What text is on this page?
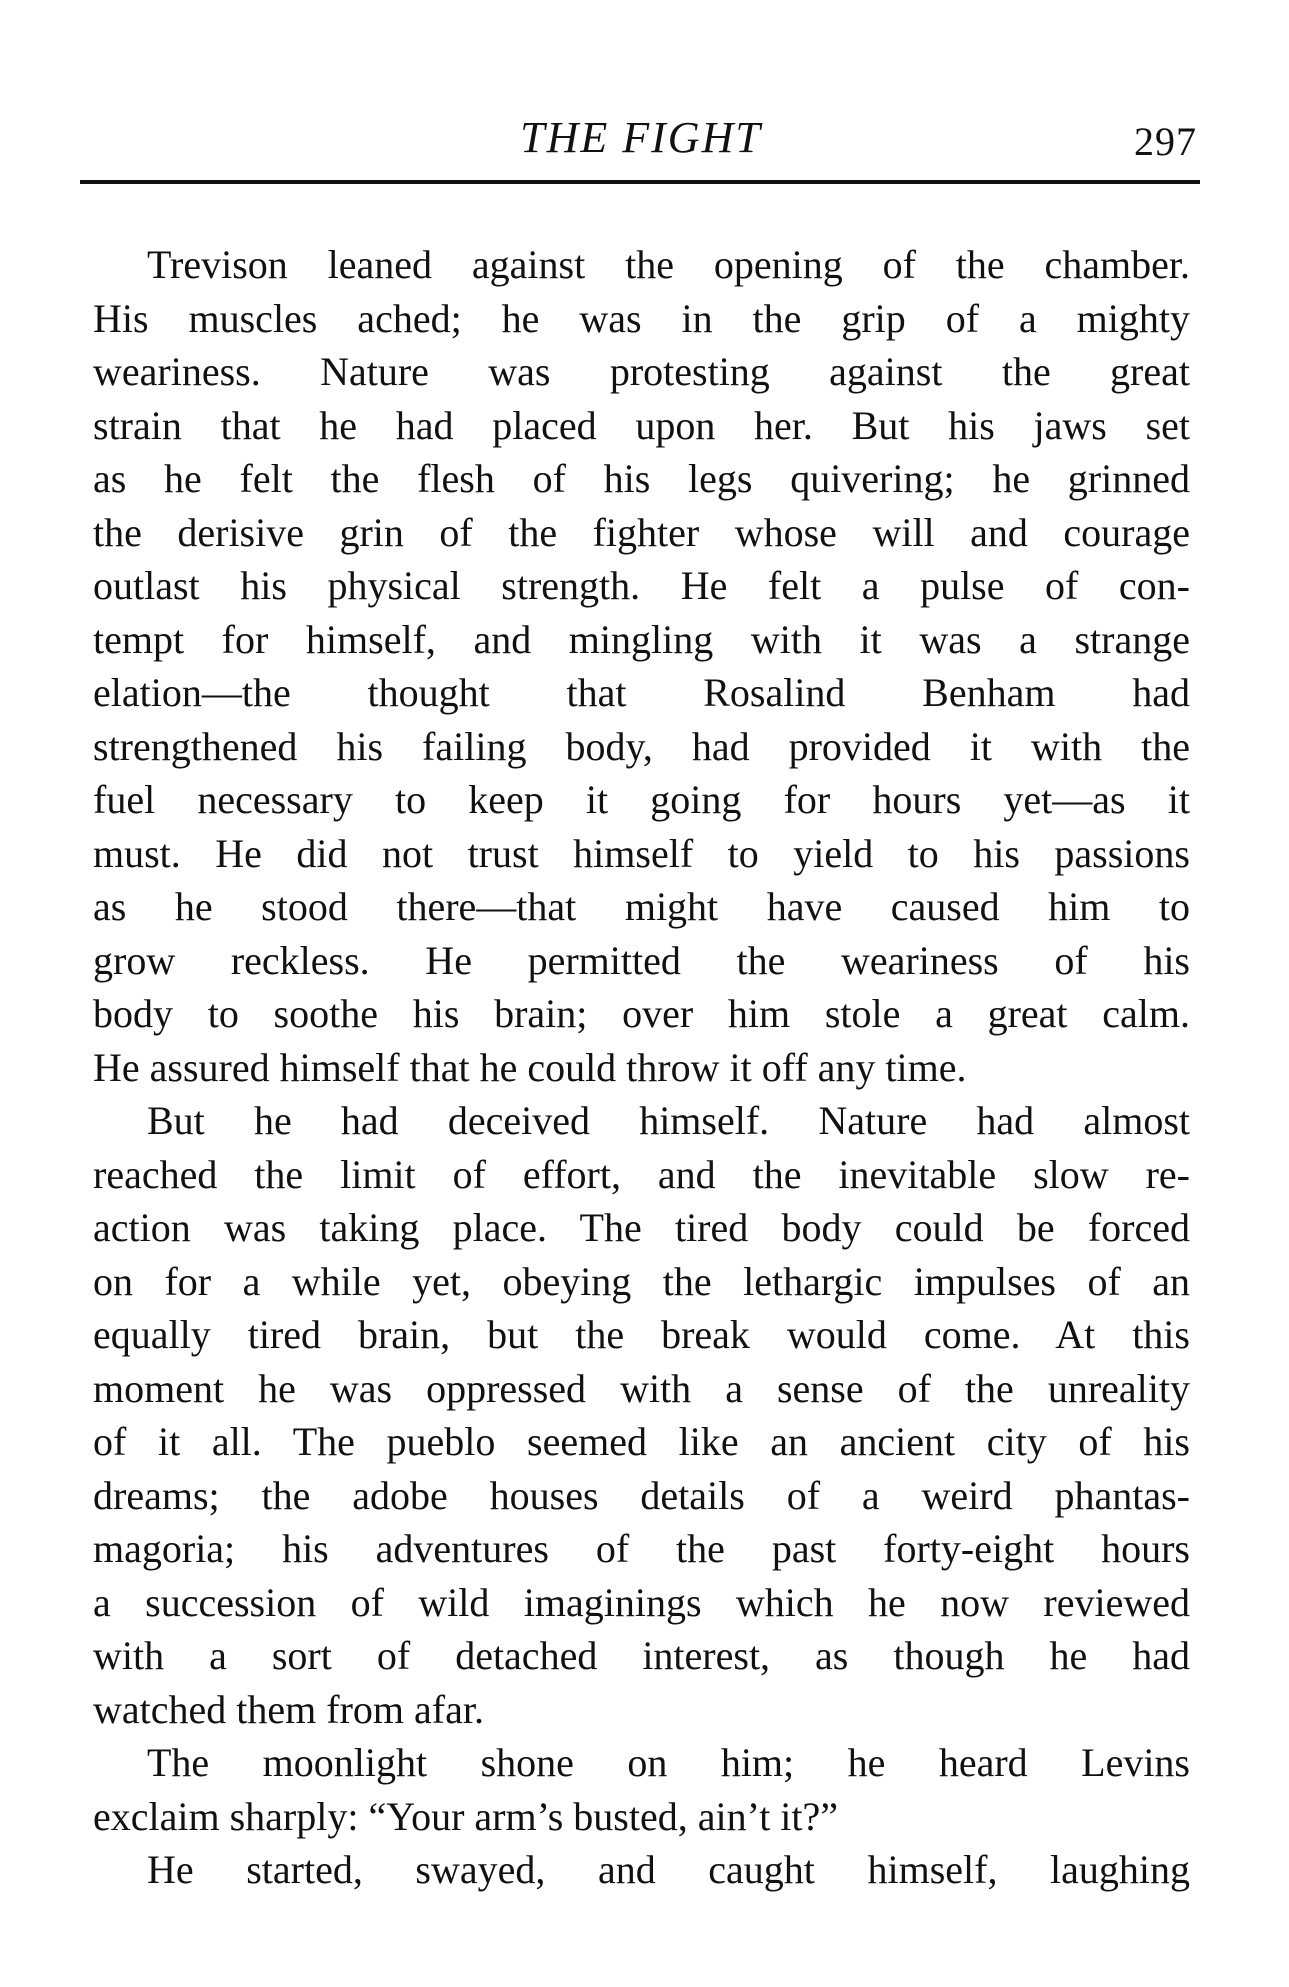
THE FIGHT	297
Trevison leaned against the opening of the chamber.
His muscles ached; he was in the grip of a mighty
weariness. Nature was protesting against the great
strain that he had placed upon her. But his jaws set
as he felt the flesh of his legs quivering; he grinned
the derisive grin of the fighter whose will and courage
outlast his physical strength. He felt a pulse of con-
tempt for himself, and mingling with it was a strange
elation—the thought that Rosalind Benham had
strengthened his failing body, had provided it with the
fuel necessary to keep it going for hours yet—as it
must. He did not trust himself to yield to his passions
as he stood there—that might have caused him to
grow reckless. He permitted the weariness of his
body to soothe his brain; over him stole a great calm.
He assured himself that he could throw it off any time.
But he had deceived himself. Nature had almost
reached the limit of effort, and the inevitable slow re-
action was taking place. The tired body could be forced
on for a while yet, obeying the lethargic impulses of an
equally tired brain, but the break would come. At this
moment he was oppressed with a sense of the unreality
of it all. The pueblo seemed like an ancient city of his
dreams; the adobe houses details of a weird phantas-
magoria; his adventures of the past forty-eight hours
a succession of wild imaginings which he now reviewed
with a sort of detached interest, as though he had
watched them from afar.
The moonlight shone on him; he heard Levins
exclaim sharply: “Your arm’s busted, ain’t it?”
He started, swayed, and caught himself, laughing
